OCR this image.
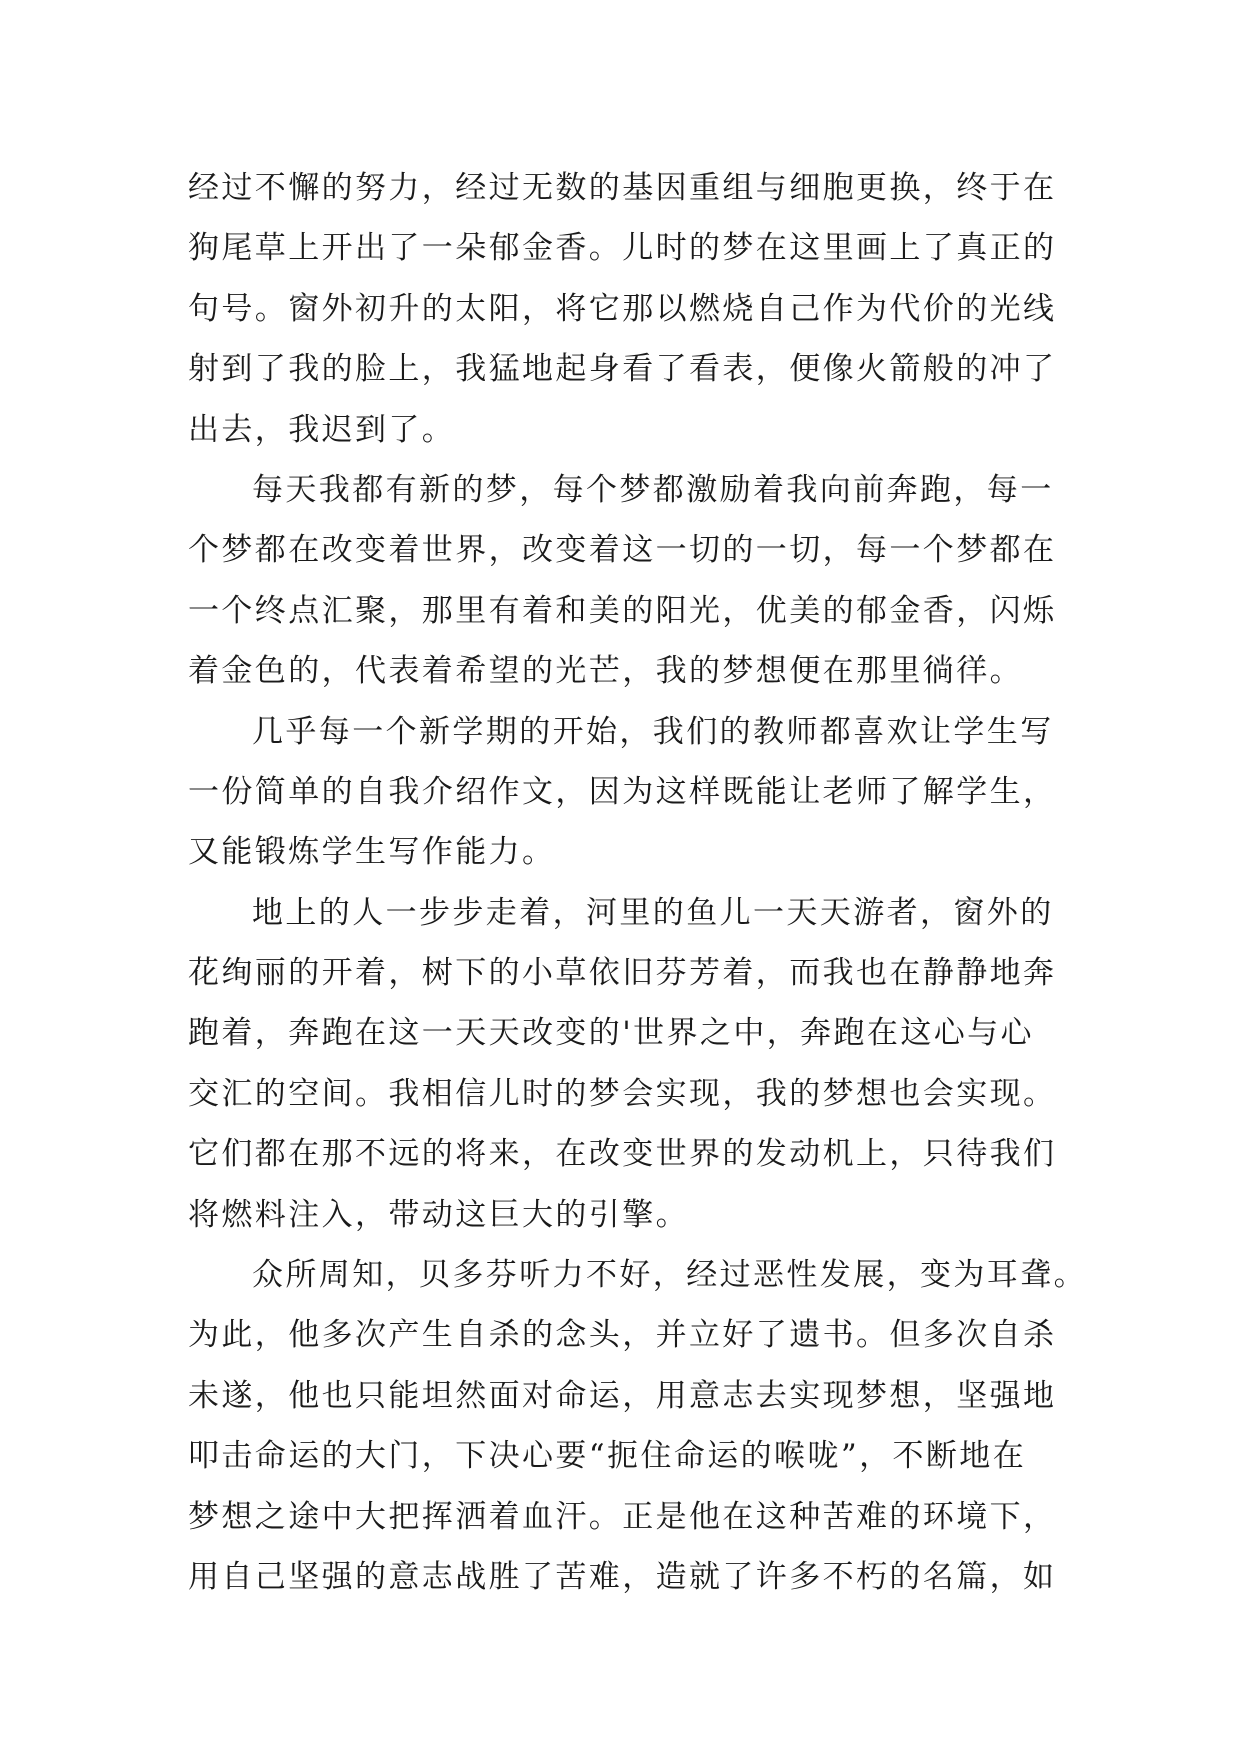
经过不懈的努力，经过无数的基因重组与细胞更换，终于在
狗尾草上开出了一朵郁金香。儿时的梦在这里画上了真正的
句号。窗外初升的太阳，将它那以燃烧自己作为代价的光线
射到了我的脸上，我猛地起身看了看表，便像火箭般的冲了
出去，我迟到了。
每天我都有新的梦，每个梦都激励着我向前奔跑，每一
个梦都在改变着世界，改变着这一切的一切，每一个梦都在
一个终点汇聚，那里有着和美的阳光，优美的郁金香，闪烁
着金色的，代表着希望的光芒，我的梦想便在那里徜徉。
几乎每一个新学期的开始，我们的教师都喜欢让学生写
一份简单的自我介绍作文，因为这样既能让老师了解学生，
又能锻炼学生写作能力。
地上的人一步步走着，河里的鱼儿一天天游者，窗外的
花绚丽的开着，树下的小草依旧芬芳着，而我也在静静地奔
跑着，奔跑在这一天天改变的'世界之中，奔跑在这心与心
交汇的空间。我相信儿时的梦会实现，我的梦想也会实现。
它们都在那不远的将来，在改变世界的发动机上，只待我们
将燃料注入，带动这巨大的引擎。
众所周知，贝多芬听力不好，经过恶性发展，变为耳聋。
为此，他多次产生自杀的念头，并立好了遗书。但多次自杀
未遂，他也只能坦然面对命运，用意志去实现梦想，坚强地
叩击命运的大门，下决心要“扼住命运的喉咙”，不断地在
梦想之途中大把挥洒着血汗。正是他在这种苦难的环境下，
用自己坚强的意志战胜了苦难，造就了许多不朽的名篇，如
